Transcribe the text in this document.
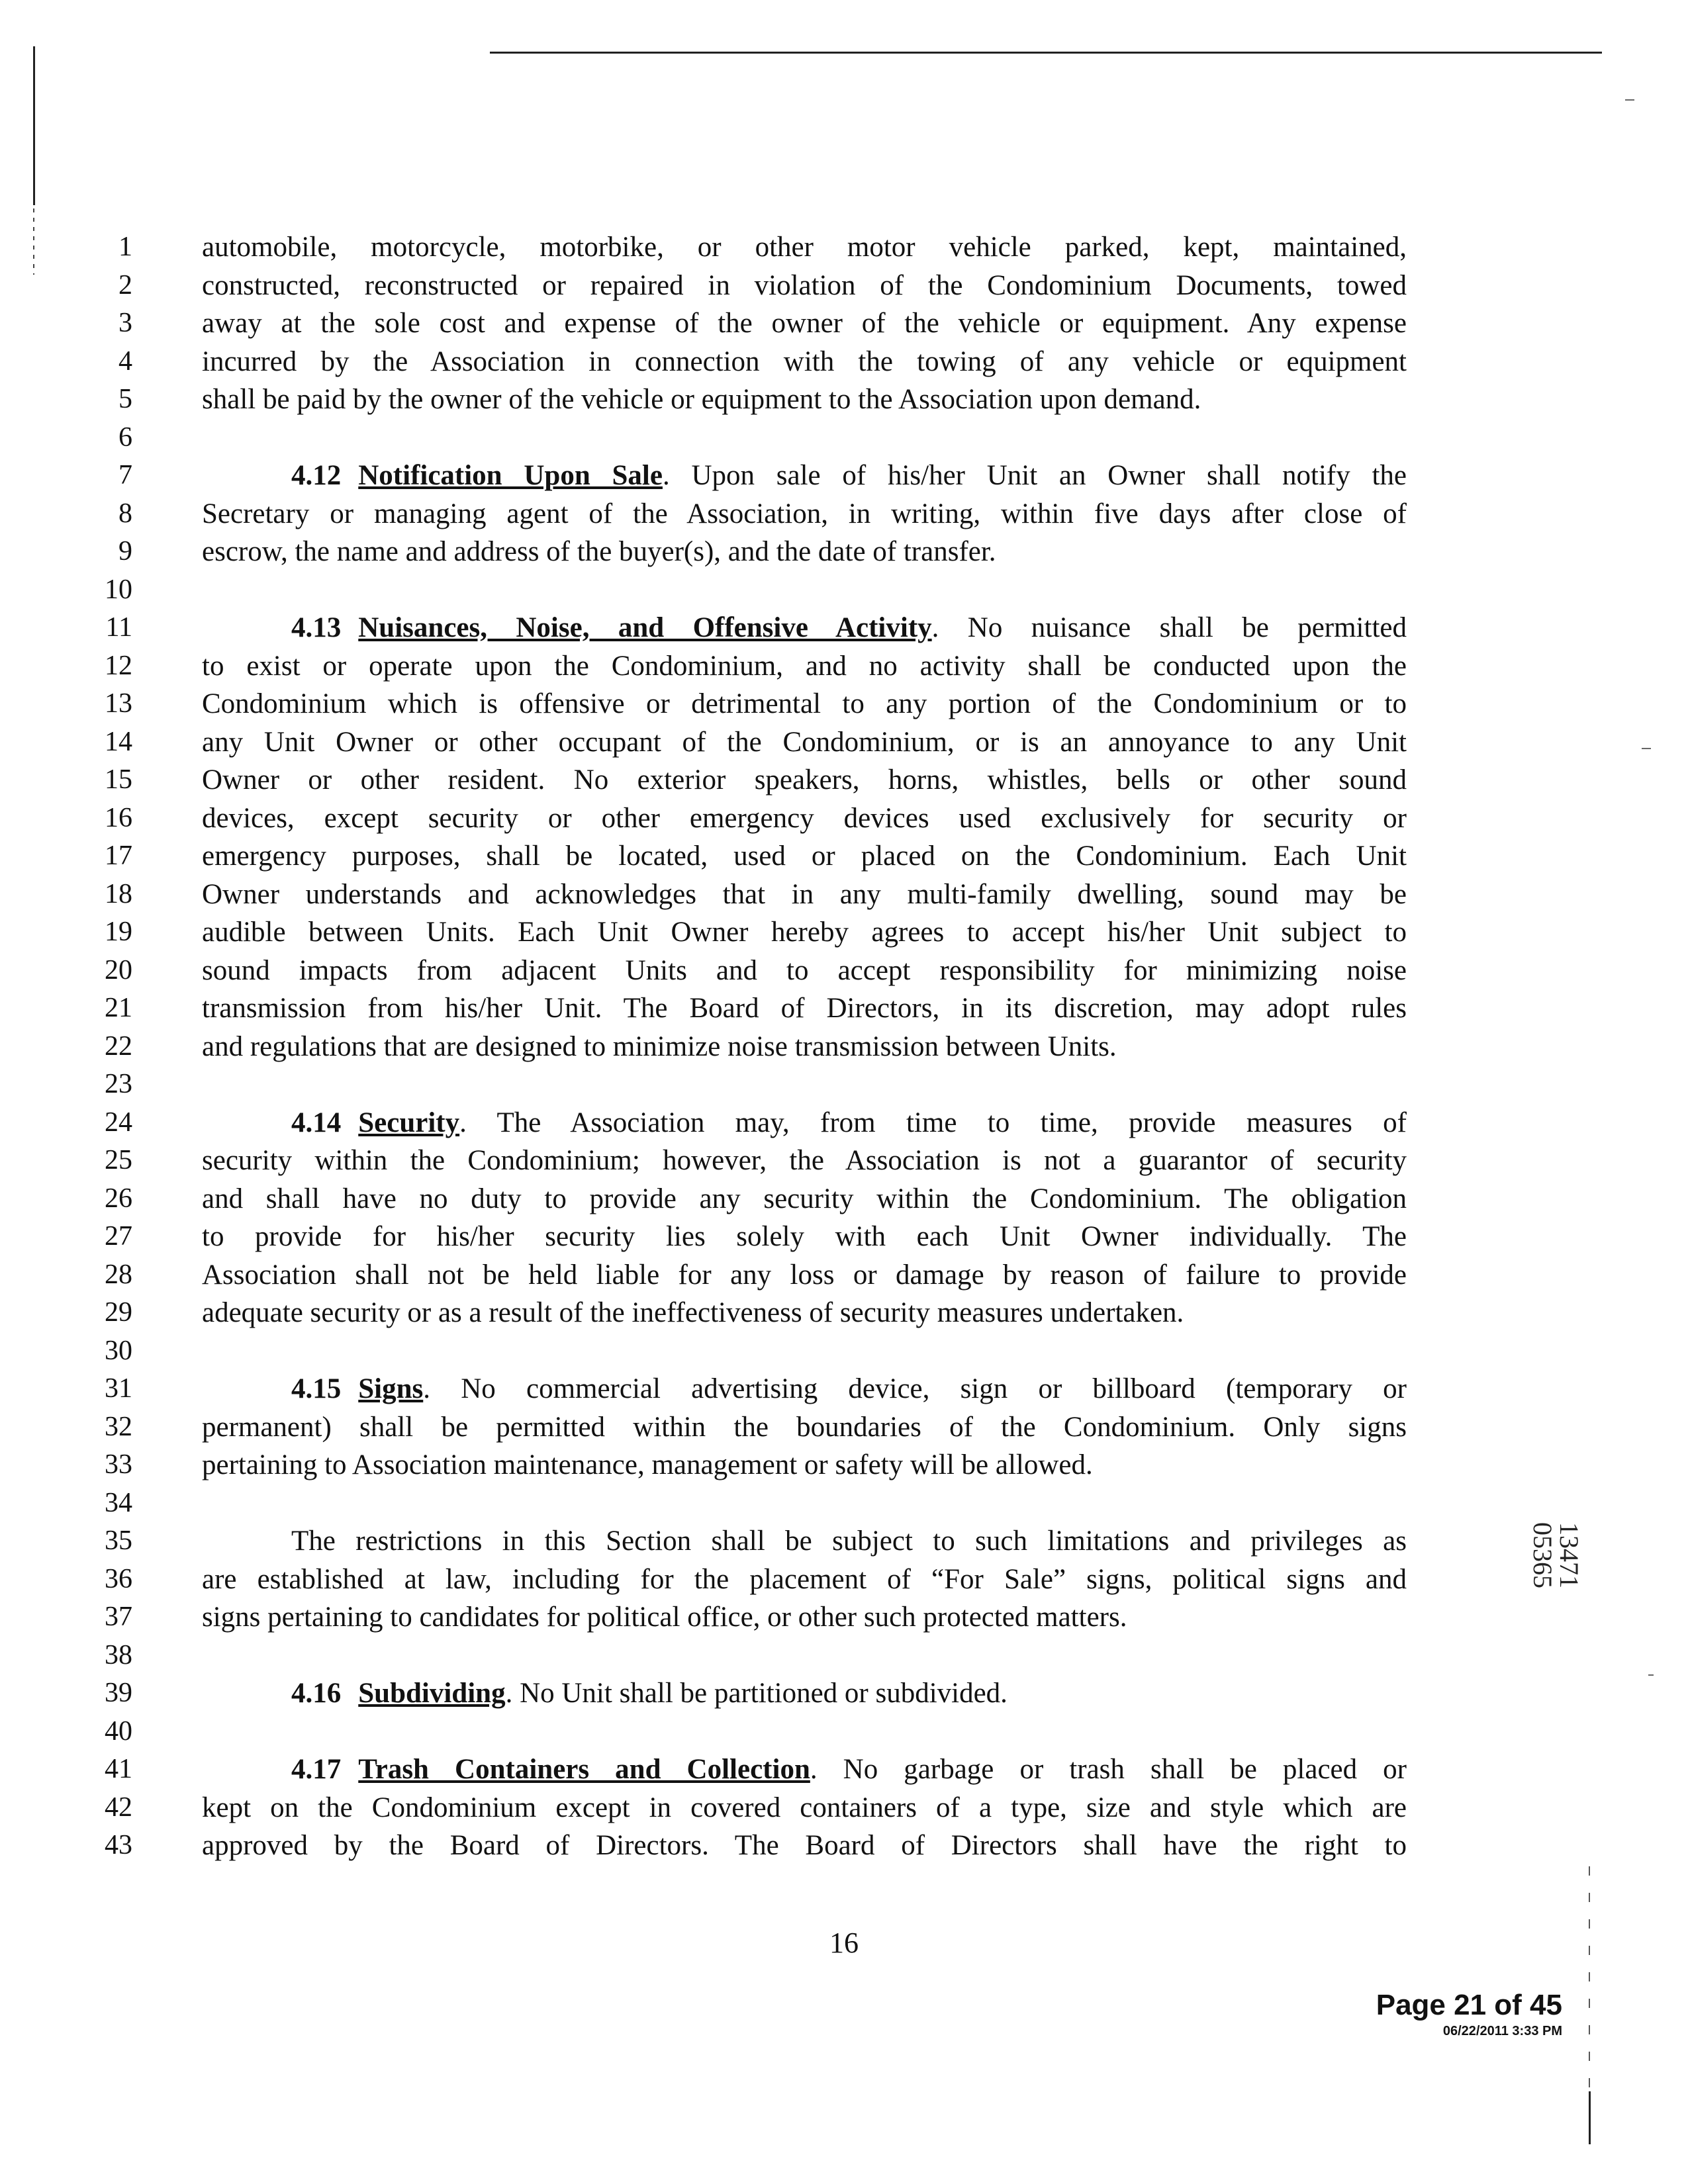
1 automobile, motorcycle, motorbike, or other motor vehicle parked, kept, maintained,
2 constructed, reconstructed or repaired in violation of the Condominium Documents, towed
3 away at the sole cost and expense of the owner of the vehicle or equipment. Any expense
4 incurred by the Association in connection with the towing of any vehicle or equipment
5 shall be paid by the owner of the vehicle or equipment to the Association upon demand.
6
7	4.12 Notification Upon Sale. Upon sale of his/her Unit an Owner shall notify the
8 Secretary or managing agent of the Association, in writing, within five days after close of
9 escrow, the name and address of the buyer(s), and the date of transfer.
10
11	4.13 Nuisances, Noise, and Offensive Activity. No nuisance shall be permitted
12 to exist or operate upon the Condominium, and no activity shall be conducted upon the
13 Condominium which is offensive or detrimental to any portion of the Condominium or to
14 any Unit Owner or other occupant of the Condominium, or is an annoyance to any Unit
15 Owner or other resident. No exterior speakers, horns, whistles, bells or other sound
16 devices, except security or other emergency devices used exclusively for security or
17 emergency purposes, shall be located, used or placed on the Condominium. Each Unit
18 Owner understands and acknowledges that in any multi-family dwelling, sound may be
19 audible between Units. Each Unit Owner hereby agrees to accept his/her Unit subject to
20 sound impacts from adjacent Units and to accept responsibility for minimizing noise
21 transmission from his/her Unit. The Board of Directors, in its discretion, may adopt rules
22 and regulations that are designed to minimize noise transmission between Units.
23
24	4.14 Security. The Association may, from time to time, provide measures of
25 security within the Condominium; however, the Association is not a guarantor of security
26 and shall have no duty to provide any security within the Condominium. The obligation
27 to provide for his/her security lies solely with each Unit Owner individually. The
28 Association shall not be held liable for any loss or damage by reason of failure to provide
29 adequate security or as a result of the ineffectiveness of security measures undertaken.
30
31	4.15 Signs. No commercial advertising device, sign or billboard (temporary or
32 permanent) shall be permitted within the boundaries of the Condominium. Only signs
33 pertaining to Association maintenance, management or safety will be allowed.
34
35	The restrictions in this Section shall be subject to such limitations and privileges as
36 are established at law, including for the placement of “For Sale” signs, political signs and
37 signs pertaining to candidates for political office, or other such protected matters.
38
39	4.16 Subdividing. No Unit shall be partitioned or subdivided.
40
41	4.17 Trash Containers and Collection. No garbage or trash shall be placed or
42 kept on the Condominium except in covered containers of a type, size and style which are
43 approved by the Board of Directors. The Board of Directors shall have the right to
13471 05365
16
Page 21 of 45
06/22/2011 3:33 PM
